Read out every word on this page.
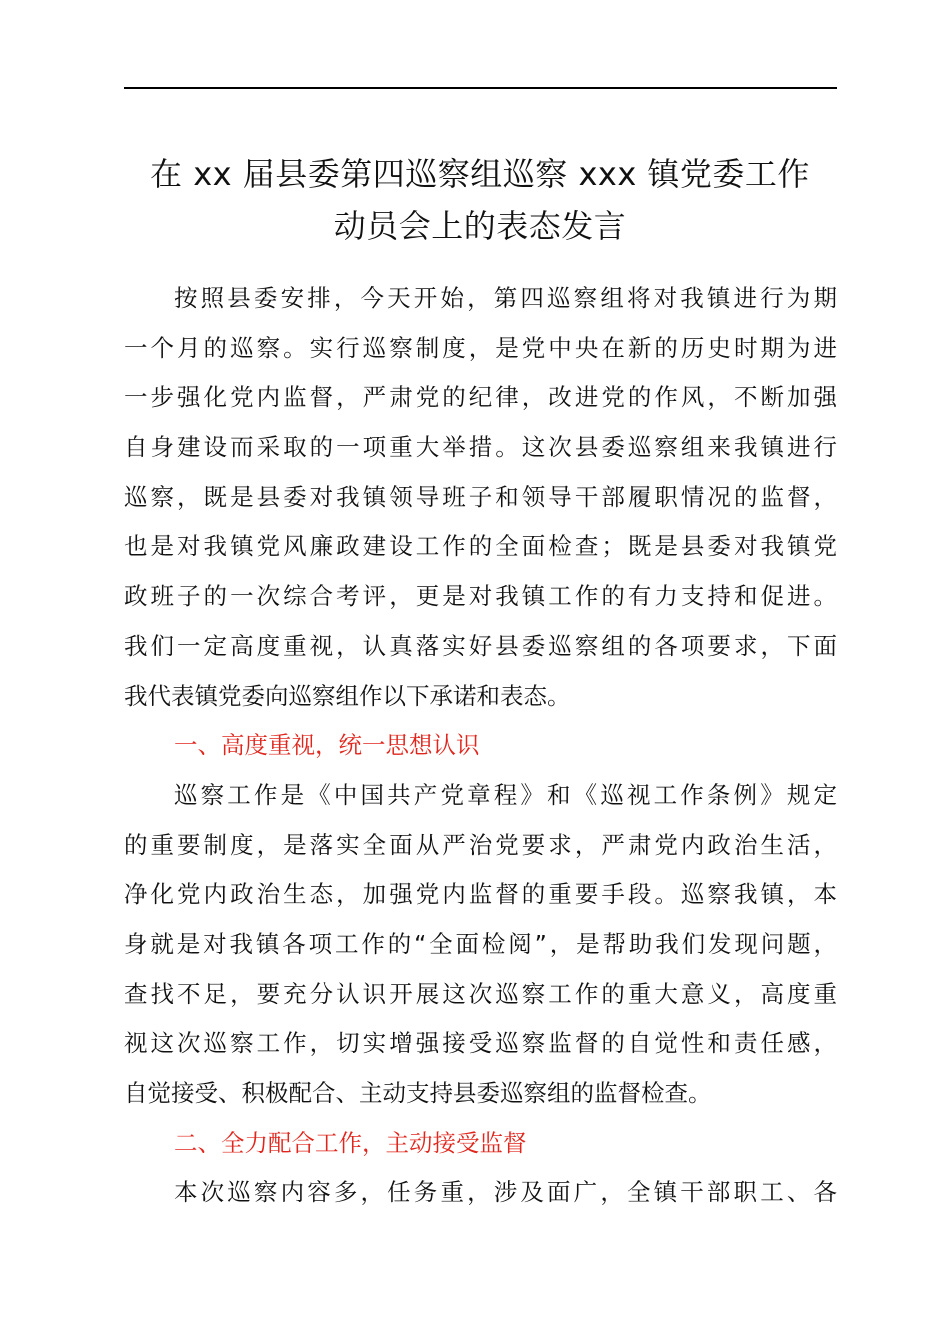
在 xx 届县委第四巡察组巡察 xxx 镇党委工作
动员会上的表态发言
按照县委安排，今天开始，第四巡察组将对我镇进行为期
一个月的巡察。实行巡察制度，是党中央在新的历史时期为进
一步强化党内监督，严肃党的纪律，改进党的作风，不断加强
自身建设而采取的一项重大举措。这次县委巡察组来我镇进行
巡察，既是县委对我镇领导班子和领导干部履职情况的监督，
也是对我镇党风廉政建设工作的全面检查；既是县委对我镇党
政班子的一次综合考评，更是对我镇工作的有力支持和促进。
我们一定高度重视，认真落实好县委巡察组的各项要求，下面
我代表镇党委向巡察组作以下承诺和表态。
一、高度重视，统一思想认识
巡察工作是《中国共产党章程》和《巡视工作条例》规定
的重要制度，是落实全面从严治党要求，严肃党内政治生活，
净化党内政治生态，加强党内监督的重要手段。巡察我镇，本
身就是对我镇各项工作的“全面检阅”，是帮助我们发现问题，
查找不足，要充分认识开展这次巡察工作的重大意义，高度重
视这次巡察工作，切实增强接受巡察监督的自觉性和责任感，
自觉接受、积极配合、主动支持县委巡察组的监督检查。
二、全力配合工作，主动接受监督
本次巡察内容多，任务重，涉及面广，全镇干部职工、各
